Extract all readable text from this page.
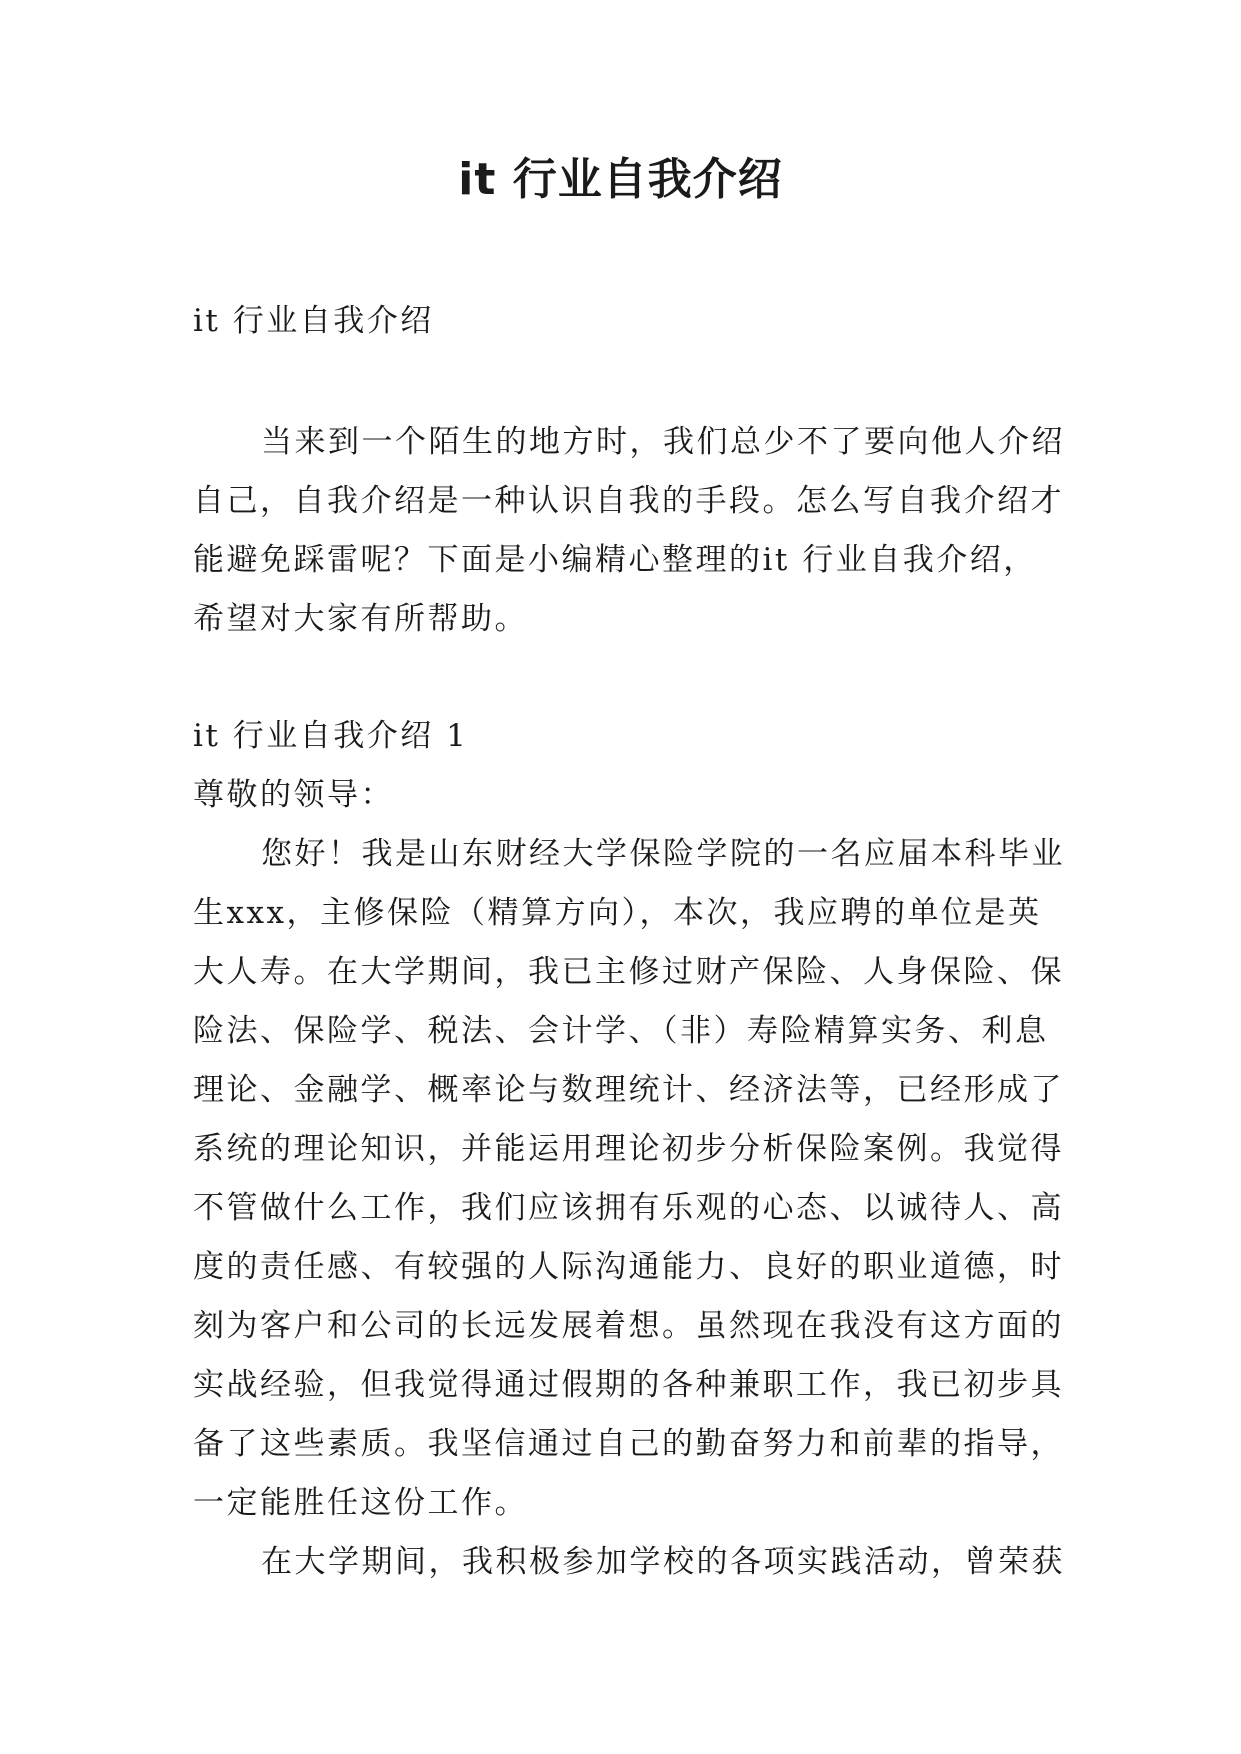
it 行业自我介绍

it 行业自我介绍

当来到一个陌生的地方时，我们总少不了要向他人介绍自己，自我介绍是一种认识自我的手段。怎么写自我介绍才能避免踩雷呢？下面是小编精心整理的it 行业自我介绍，希望对大家有所帮助。

it 行业自我介绍 1

尊敬的领导：

您好！我是山东财经大学保险学院的一名应届本科毕业生xxx，主修保险（精算方向），本次，我应聘的单位是英大人寿。在大学期间，我已主修过财产保险、人身保险、保险法、保险学、税法、会计学、（非）寿险精算实务、利息理论、金融学、概率论与数理统计、经济法等，已经形成了系统的理论知识，并能运用理论初步分析保险案例。我觉得不管做什么工作，我们应该拥有乐观的心态、以诚待人、高度的责任感、有较强的人际沟通能力、良好的职业道德，时刻为客户和公司的长远发展着想。虽然现在我没有这方面的实战经验，但我觉得通过假期的各种兼职工作，我已初步具备了这些素质。我坚信通过自己的勤奋努力和前辈的指导，一定能胜任这份工作。

在大学期间，我积极参加学校的各项实践活动，曾荣获
